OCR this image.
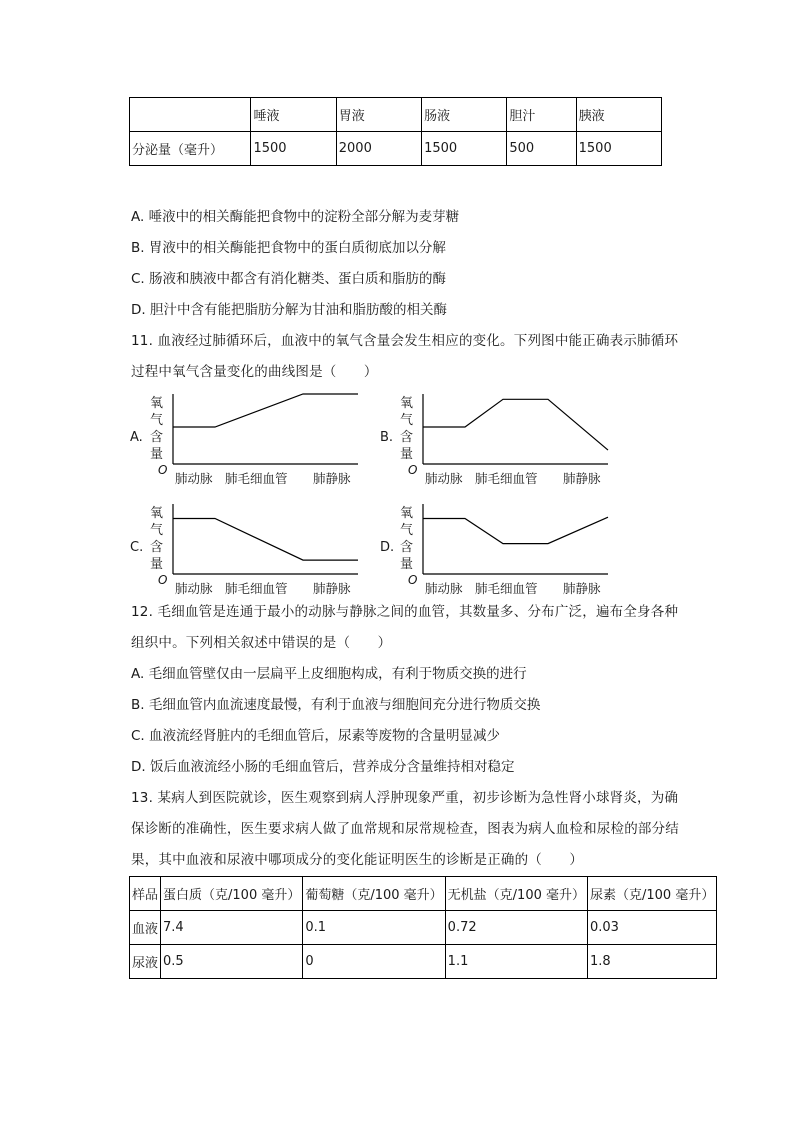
	唾液	胃液	肠液	胆汁	胰液
分泌量（毫升）	1500	2000	1500	500	1500
A. 唾液中的相关酶能把食物中的淀粉全部分解为麦芽糖
B. 胃液中的相关酶能把食物中的蛋白质彻底加以分解
C. 肠液和胰液中都含有消化糖类、蛋白质和脂肪的酶
D. 胆汁中含有能把脂肪分解为甘油和脂肪酸的相关酶
11. 血液经过肺循环后，血液中的氧气含量会发生相应的变化。下列图中能正确表示肺循环
过程中氧气含量变化的曲线图是（　　）
A.
氧
气
含
量
O
肺动脉 肺毛细血管 肺静脉
B.
氧
气
含
量
O
肺动脉 肺毛细血管 肺静脉
C.
氧
气
含
量
O
肺动脉 肺毛细血管 肺静脉
D.
氧
气
含
量
O
肺动脉 肺毛细血管 肺静脉
12. 毛细血管是连通于最小的动脉与静脉之间的血管，其数量多、分布广泛，遍布全身各种
组织中。下列相关叙述中错误的是（　　）
A. 毛细血管壁仅由一层扁平上皮细胞构成，有利于物质交换的进行
B. 毛细血管内血流速度最慢，有利于血液与细胞间充分进行物质交换
C. 血液流经肾脏内的毛细血管后，尿素等废物的含量明显减少
D. 饭后血液流经小肠的毛细血管后，营养成分含量维持相对稳定
13. 某病人到医院就诊，医生观察到病人浮肿现象严重，初步诊断为急性肾小球肾炎，为确
保诊断的准确性，医生要求病人做了血常规和尿常规检查，图表为病人血检和尿检的部分结
果，其中血液和尿液中哪项成分的变化能证明医生的诊断是正确的（　　）
样品	蛋白质（克/100 毫升）	葡萄糖（克/100 毫升）	无机盐（克/100 毫升）	尿素（克/100 毫升）
血液	7.4	0.1	0.72	0.03
尿液	0.5	0	1.1	1.8
